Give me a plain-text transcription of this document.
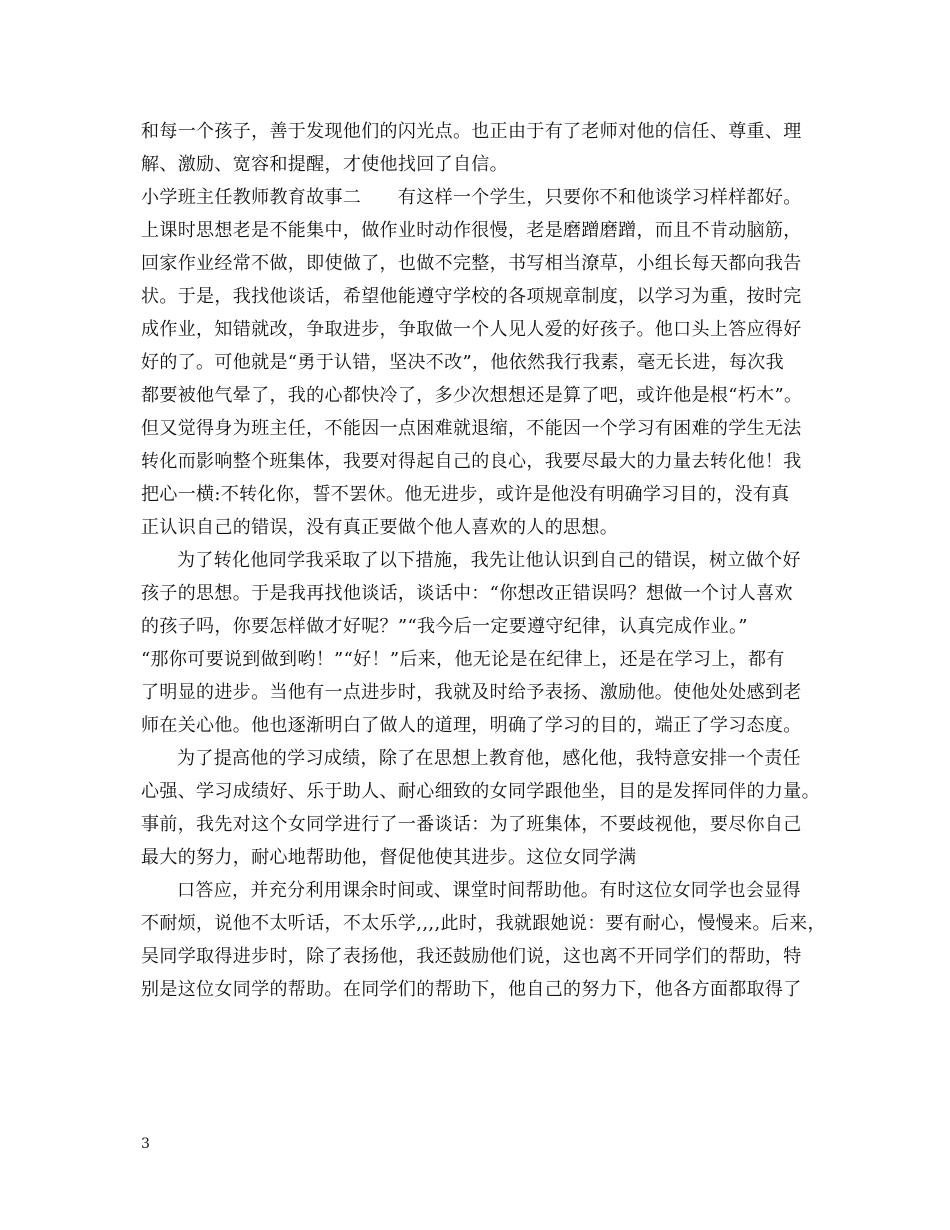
和每一个孩子，善于发现他们的闪光点。也正由于有了老师对他的信任、尊重、理
解、激励、宽容和提醒，才使他找回了自信。
小学班主任教师教育故事二　　有这样一个学生，只要你不和他谈学习样样都好。
上课时思想老是不能集中，做作业时动作很慢，老是磨蹭磨蹭，而且不肯动脑筋，
回家作业经常不做，即使做了，也做不完整，书写相当潦草，小组长每天都向我告
状。于是，我找他谈话，希望他能遵守学校的各项规章制度，以学习为重，按时完
成作业，知错就改，争取进步，争取做一个人见人爱的好孩子。他口头上答应得好
好的了。可他就是“勇于认错，坚决不改”，他依然我行我素，毫无长进，每次我
都要被他气晕了，我的心都快冷了，多少次想想还是算了吧，或许他是根“朽木”。
但又觉得身为班主任，不能因一点困难就退缩，不能因一个学习有困难的学生无法
转化而影响整个班集体，我要对得起自己的良心，我要尽最大的力量去转化他！我
把心一横:不转化你，誓不罢休。他无进步，或许是他没有明确学习目的，没有真
正认识自己的错误，没有真正要做个他人喜欢的人的思想。
为了转化他同学我采取了以下措施，我先让他认识到自己的错误，树立做个好
孩子的思想。于是我再找他谈话，谈话中：“你想改正错误吗？想做一个讨人喜欢
的孩子吗，你要怎样做才好呢？”“我今后一定要遵守纪律，认真完成作业。”
“那你可要说到做到哟！”“好！”后来，他无论是在纪律上，还是在学习上，都有
了明显的进步。当他有一点进步时，我就及时给予表扬、激励他。使他处处感到老
师在关心他。他也逐渐明白了做人的道理，明确了学习的目的，端正了学习态度。
为了提高他的学习成绩，除了在思想上教育他，感化他，我特意安排一个责任
心强、学习成绩好、乐于助人、耐心细致的女同学跟他坐，目的是发挥同伴的力量。
事前，我先对这个女同学进行了一番谈话：为了班集体，不要歧视他，要尽你自己
最大的努力，耐心地帮助他，督促他使其进步。这位女同学满
口答应，并充分利用课余时间或、课堂时间帮助他。有时这位女同学也会显得
不耐烦，说他不太听话，不太乐学,,,,此时，我就跟她说：要有耐心，慢慢来。后来，
吴同学取得进步时，除了表扬他，我还鼓励他们说，这也离不开同学们的帮助，特
别是这位女同学的帮助。在同学们的帮助下，他自己的努力下，他各方面都取得了
3
